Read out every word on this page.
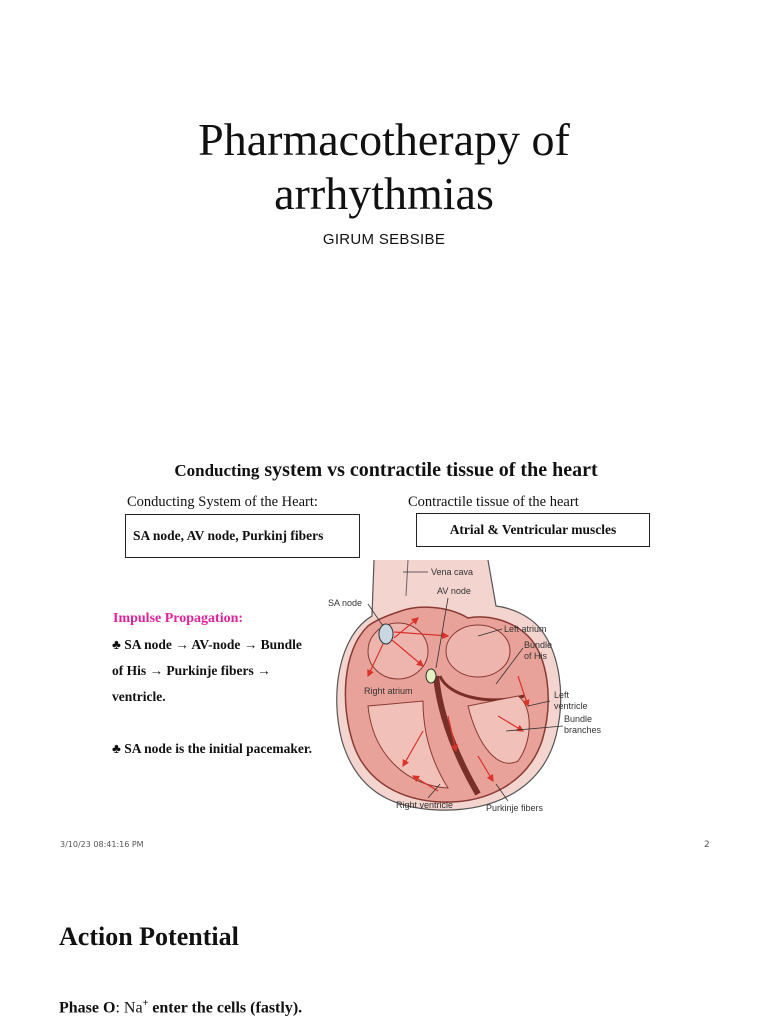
Pharmacotherapy of
arrhythmias
GIRUM SEBSIBE
Conducting system vs contractile tissue of the heart
Conducting System of the Heart:	Contractile tissue of the heart
SA node, AV node, Purkinj fibers	Atrial & Ventricular muscles
Impulse Propagation:
♣ SA node → AV-node → Bundle
of His → Purkinje fibers →
ventricle.
♣ SA node is the initial pacemaker.
Vena cava
SA node
AV node
Left atrium
Bundle
of His
Right atrium	Left
ventricle
Bundle
branches
Right ventricle	Purkinje fibers
3/10/23 08:41:16 PM	2
Action Potential
Phase O: Na+ enter the cells (fastly).
